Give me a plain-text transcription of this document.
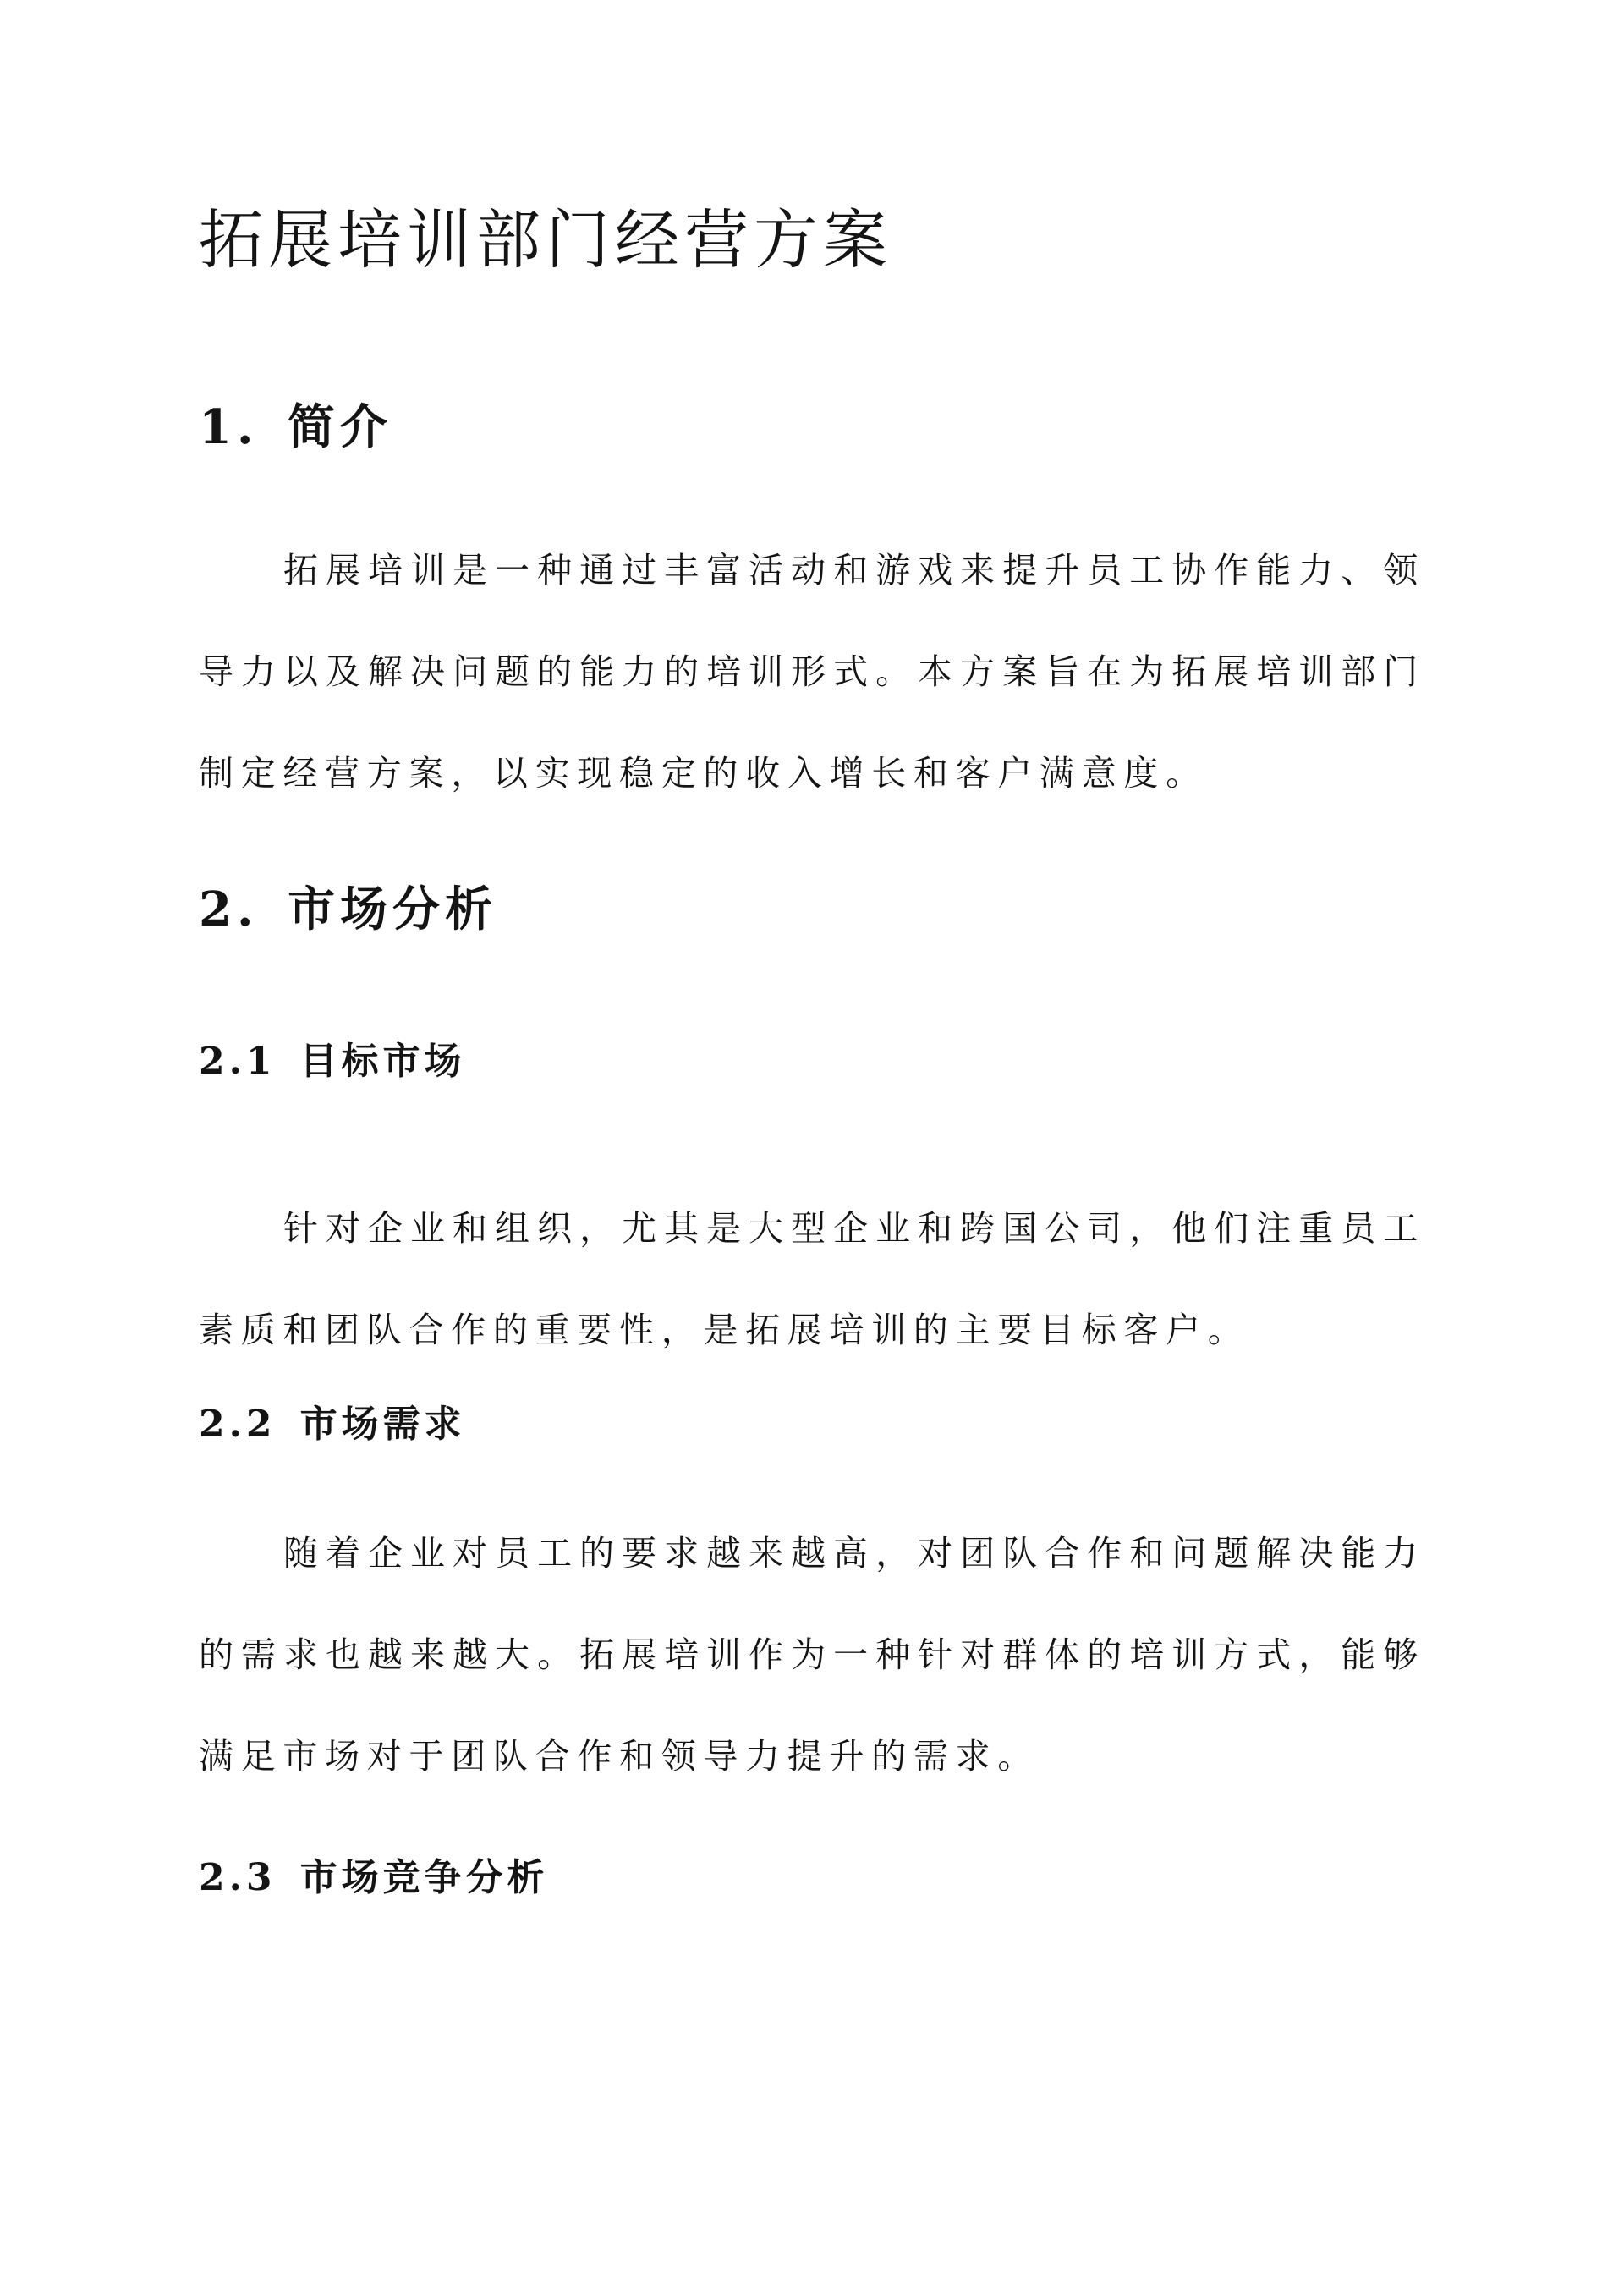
拓展培训部门经营方案
1. 简介

拓展培训是一种通过丰富活动和游戏来提升员工协作能力、领导力以及解决问题的能力的培训形式。本方案旨在为拓展培训部门制定经营方案，以实现稳定的收入增长和客户满意度。

2. 市场分析
2.1 目标市场

针对企业和组织，尤其是大型企业和跨国公司，他们注重员工素质和团队合作的重要性，是拓展培训的主要目标客户。

2.2 市场需求

随着企业对员工的要求越来越高，对团队合作和问题解决能力的需求也越来越大。拓展培训作为一种针对群体的培训方式，能够满足市场对于团队合作和领导力提升的需求。

2.3 市场竞争分析
